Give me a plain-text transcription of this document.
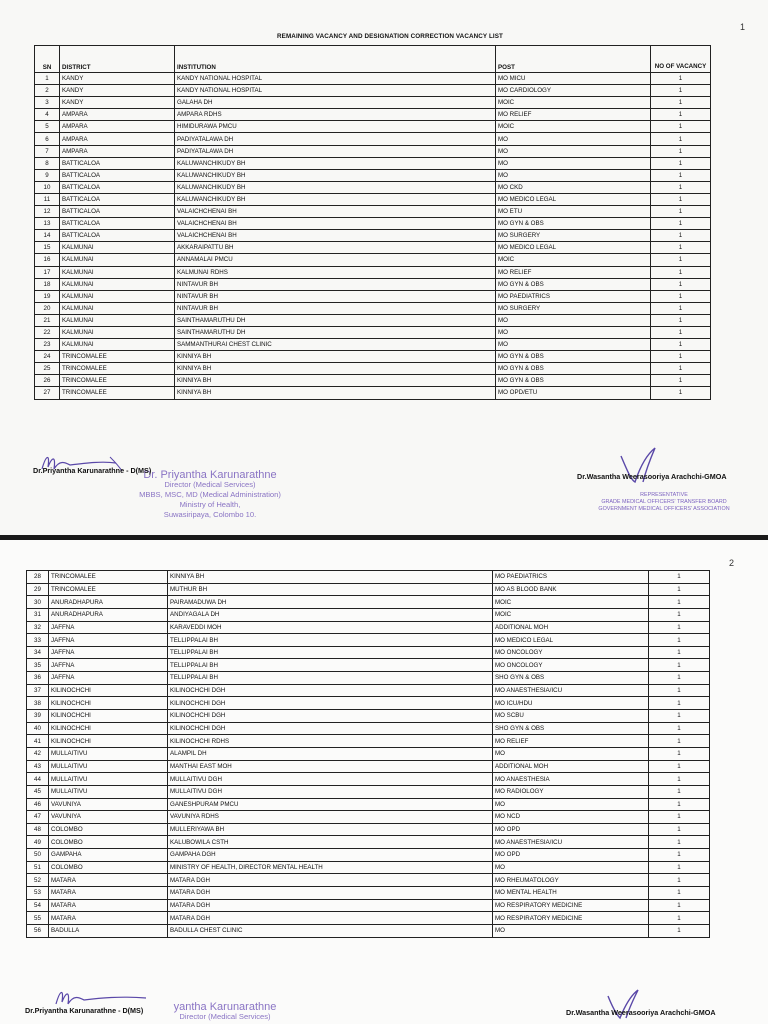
1
REMAINING VACANCY AND DESIGNATION CORRECTION VACANCY LIST
SN	DISTRICT	INSTITUTION	POST	NO OF VACANCY
1	KANDY	KANDY NATIONAL HOSPITAL	MO MICU	1
2	KANDY	KANDY NATIONAL HOSPITAL	MO CARDIOLOGY	1
3	KANDY	GALAHA DH	MOIC	1
4	AMPARA	AMPARA RDHS	MO RELIEF	1
5	AMPARA	HIMIDURAWA PMCU	MOIC	1
6	AMPARA	PADIYATALAWA DH	MO	1
7	AMPARA	PADIYATALAWA DH	MO	1
8	BATTICALOA	KALUWANCHIKUDY BH	MO	1
9	BATTICALOA	KALUWANCHIKUDY BH	MO	1
10	BATTICALOA	KALUWANCHIKUDY BH	MO CKD	1
11	BATTICALOA	KALUWANCHIKUDY BH	MO MEDICO LEGAL	1
12	BATTICALOA	VALAICHCHENAI BH	MO ETU	1
13	BATTICALOA	VALAICHCHENAI BH	MO GYN & OBS	1
14	BATTICALOA	VALAICHCHENAI BH	MO SURGERY	1
15	KALMUNAI	AKKARAIPATTU BH	MO MEDICO LEGAL	1
16	KALMUNAI	ANNAMALAI PMCU	MOIC	1
17	KALMUNAI	KALMUNAI RDHS	MO RELIEF	1
18	KALMUNAI	NINTAVUR BH	MO GYN & OBS	1
19	KALMUNAI	NINTAVUR BH	MO PAEDIATRICS	1
20	KALMUNAI	NINTAVUR BH	MO SURGERY	1
21	KALMUNAI	SAINTHAMARUTHU DH	MO	1
22	KALMUNAI	SAINTHAMARUTHU DH	MO	1
23	KALMUNAI	SAMMANTHURAI CHEST CLINIC	MO	1
24	TRINCOMALEE	KINNIYA BH	MO GYN & OBS	1
25	TRINCOMALEE	KINNIYA BH	MO GYN & OBS	1
26	TRINCOMALEE	KINNIYA BH	MO GYN & OBS	1
27	TRINCOMALEE	KINNIYA BH	MO OPD/ETU	1
Dr. Priyantha Karunarathne
Director (Medical Services)
MBBS, MSC, MD (Medical Administration)
Ministry of Health,
Suwasiripaya, Colombo 10.
Dr.Priyantha Karunarathne - D(MS)
Dr.Wasantha Weerasooriya Arachchi-GMOA
REPRESENTATIVE
GRADE MEDICAL OFFICERS' TRANSFER BOARD
GOVERNMENT MEDICAL OFFICERS' ASSOCIATION
2
yantha Karunarathne
Director (Medical Services)
Dr.Priyantha Karunarathne - D(MS)	Dr.Wasantha Weerasooriya Arachchi-GMOA
28	TRINCOMALEE	KINNIYA BH	MO PAEDIATRICS	1
29	TRINCOMALEE	MUTHUR BH	MO AS BLOOD BANK	1
30	ANURADHAPURA	PAIRAMADUWA DH	MOIC	1
31	ANURADHAPURA	ANDIYAGALA DH	MOIC	1
32	JAFFNA	KARAVEDDI MOH	ADDITIONAL MOH	1
33	JAFFNA	TELLIPPALAI BH	MO MEDICO LEGAL	1
34	JAFFNA	TELLIPPALAI BH	MO ONCOLOGY	1
35	JAFFNA	TELLIPPALAI BH	MO ONCOLOGY	1
36	JAFFNA	TELLIPPALAI BH	SHO GYN & OBS	1
37	KILINOCHCHI	KILINOCHCHI DGH	MO ANAESTHESIA/ICU	1
38	KILINOCHCHI	KILINOCHCHI DGH	MO ICU/HDU	1
39	KILINOCHCHI	KILINOCHCHI DGH	MO SCBU	1
40	KILINOCHCHI	KILINOCHCHI DGH	SHO GYN & OBS	1
41	KILINOCHCHI	KILINOCHCHI RDHS	MO RELIEF	1
42	MULLAITIVU	ALAMPIL DH	MO	1
43	MULLAITIVU	MANTHAI EAST MOH	ADDITIONAL MOH	1
44	MULLAITIVU	MULLAITIVU DGH	MO ANAESTHESIA	1
45	MULLAITIVU	MULLAITIVU DGH	MO RADIOLOGY	1
46	VAVUNIYA	GANESHPURAM PMCU	MO	1
47	VAVUNIYA	VAVUNIYA RDHS	MO NCD	1
48	COLOMBO	MULLERIYAWA BH	MO OPD	1
49	COLOMBO	KALUBOWILA CSTH	MO ANAESTHESIA/ICU	1
50	GAMPAHA	GAMPAHA DGH	MO OPD	1
51	COLOMBO	MINISTRY OF HEALTH, DIRECTOR MENTAL HEALTH	MO	1
52	MATARA	MATARA DGH	MO RHEUMATOLOGY	1
53	MATARA	MATARA DGH	MO MENTAL HEALTH	1
54	MATARA	MATARA DGH	MO RESPIRATORY MEDICINE	1
55	MATARA	MATARA DGH	MO RESPIRATORY MEDICINE	1
56	BADULLA	BADULLA CHEST CLINIC	MO	1
